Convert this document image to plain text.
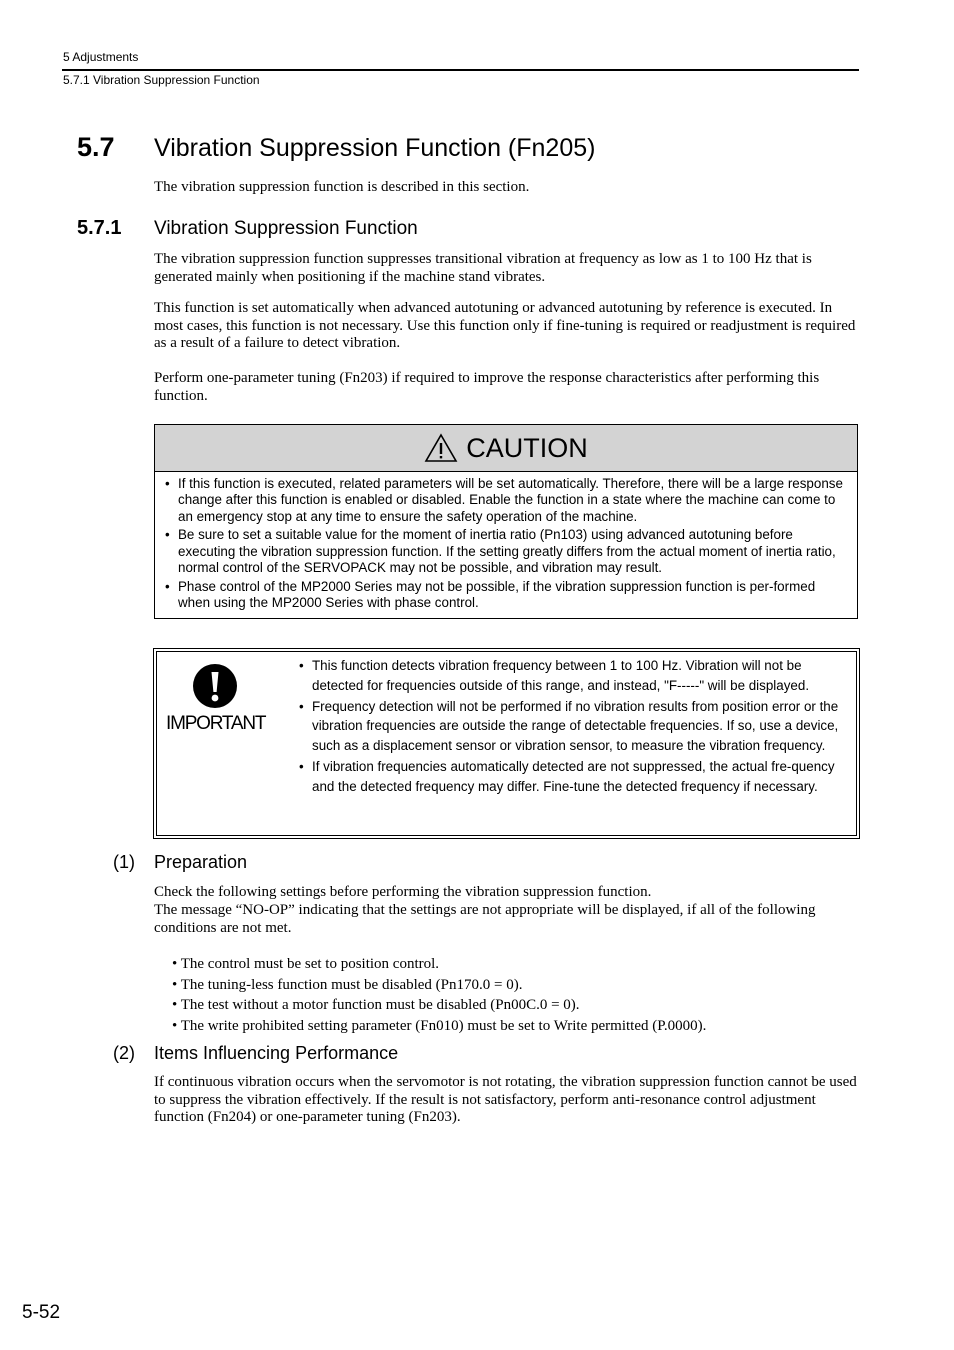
5 Adjustments
5.7.1 Vibration Suppression Function
5.7 Vibration Suppression Function (Fn205)
The vibration suppression function is described in this section.
5.7.1 Vibration Suppression Function
The vibration suppression function suppresses transitional vibration at frequency as low as 1 to 100 Hz that is generated mainly when positioning if the machine stand vibrates.
This function is set automatically when advanced autotuning or advanced autotuning by reference is executed. In most cases, this function is not necessary. Use this function only if fine-tuning is required or readjustment is required as a result of a failure to detect vibration.
Perform one-parameter tuning (Fn203) if required to improve the response characteristics after performing this function.
CAUTION
• If this function is executed, related parameters will be set automatically. Therefore, there will be a large response change after this function is enabled or disabled. Enable the function in a state where the machine can come to an emergency stop at any time to ensure the safety operation of the machine.
• Be sure to set a suitable value for the moment of inertia ratio (Pn103) using advanced autotuning before executing the vibration suppression function. If the setting greatly differs from the actual moment of inertia ratio, normal control of the SERVOPACK may not be possible, and vibration may result.
• Phase control of the MP2000 Series may not be possible, if the vibration suppression function is per-formed when using the MP2000 Series with phase control.
IMPORTANT
• This function detects vibration frequency between 1 to 100 Hz. Vibration will not be detected for frequencies outside of this range, and instead, "F-----" will be displayed.
• Frequency detection will not be performed if no vibration results from position error or the vibration frequencies are outside the range of detectable frequencies. If so, use a device, such as a displacement sensor or vibration sensor, to measure the vibration frequency.
• If vibration frequencies automatically detected are not suppressed, the actual fre-quency and the detected frequency may differ. Fine-tune the detected frequency if necessary.
(1) Preparation
Check the following settings before performing the vibration suppression function.
The message “NO-OP” indicating that the settings are not appropriate will be displayed, if all of the following conditions are not met.
• The control must be set to position control.
• The tuning-less function must be disabled (Pn170.0 = 0).
• The test without a motor function must be disabled (Pn00C.0 = 0).
• The write prohibited setting parameter (Fn010) must be set to Write permitted (P.0000).
(2) Items Influencing Performance
If continuous vibration occurs when the servomotor is not rotating, the vibration suppression function cannot be used to suppress the vibration effectively. If the result is not satisfactory, perform anti-resonance control adjustment function (Fn204) or one-parameter tuning (Fn203).
5-52
